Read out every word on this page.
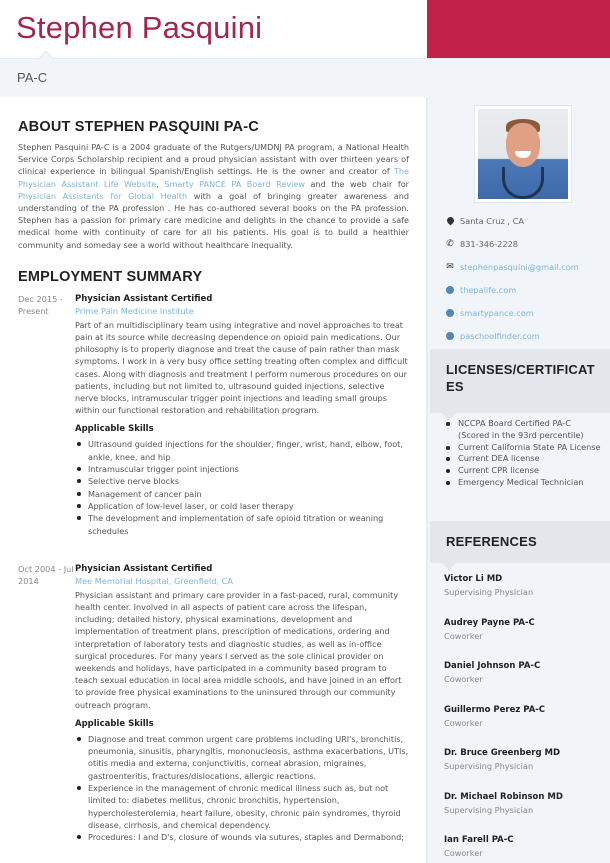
Stephen Pasquini
PA-C
ABOUT STEPHEN PASQUINI PA-C

Stephen Pasquini PA-C is a 2004 graduate of the Rutgers/UMDNJ PA program, a National Health Service Corps Scholarship recipient and a proud physician assistant with over thirteen years of clinical experience in bilingual Spanish/English settings. He is the owner and creator of The Physician Assistant Life Website, Smarty PANCE PA Board Review and the web chair for Physician Assistants for Global Health with a goal of bringing greater awareness and understanding of the PA profession . He has co-authored several books on the PA profession. Stephen has a passion for primary care medicine and delights in the chance to provide a safe medical home with continuity of care for all his patients. His goal is to build a healthier community and someday see a world without healthcare inequality.

EMPLOYMENT SUMMARY
Dec 2015 - Present
Physician Assistant Certified
Prime Pain Medicine Institute
Part of an multidisciplinary team using integrative and novel approaches to treat pain at its source while decreasing dependence on opioid pain medications. Our philosophy is to properly diagnose and treat the cause of pain rather than mask symptoms. I work in a very busy office setting treating often complex and difficult cases. Along with diagnosis and treatment I perform numerous procedures on our patients, including but not limited to, ultrasound guided injections, selective nerve blocks, intramuscular trigger point injections and leading small groups within our functional restoration and rehabilitation program.
Applicable Skills
Ultrasound guided injections for the shoulder, finger, wrist, hand, elbow, foot, ankle, knee, and hip
Intramuscular trigger point injections
Selective nerve blocks
Management of cancer pain
Application of low-level laser, or cold laser therapy
The development and implementation of safe opioid titration or weaning schedules
Oct 2004 - Jul 2014
Physician Assistant Certified
Mee Memorial Hospital, Greenfield, CA
Physician assistant and primary care provider in a fast-paced, rural, community health center. Involved in all aspects of patient care across the lifespan, including; detailed history, physical examinations, development and implementation of treatment plans, prescription of medications, ordering and interpretation of laboratory tests and diagnostic studies, as well as in-office surgical procedures. For many years I served as the sole clinical provider on weekends and holidays, have participated in a community based program to teach sexual education in local area middle schools, and have joined in an effort to provide free physical examinations to the uninsured through our community outreach program.
Applicable Skills
Diagnose and treat common urgent care problems including URI's, bronchitis, pneumonia, sinusitis, pharyngitis, mononucleosis, asthma exacerbations, UTIs, otitis media and externa, conjunctivitis, corneal abrasion, migraines, gastroenteritis, fractures/dislocations, allergic reactions.
Experience in the management of chronic medical illness such as, but not limited to: diabetes mellitus, chronic bronchitis, hypertension, hypercholesterolemia, heart failure, obesity, chronic pain syndromes, thyroid disease, cirrhosis, and chemical dependency.
Procedures: I and D's, closure of wounds via sutures, staples and Dermabond;
Santa Cruz , CA
✆ 831-346-2228
✉ stephenpasquini@gmail.com
thepalife.com
smartypance.com
paschoolfinder.com
LICENSES/CERTIFICAT
ES
NCCPA Board Certified PA-C (Scored in the 93rd percentile)
Current California State PA License
Current DEA license
Current CPR license
Emergency Medical Technician
REFERENCES
Victor Li MD
Supervising Physician
Audrey Payne PA-C
Coworker
Daniel Johnson PA-C
Coworker
Guillermo Perez PA-C
Coworker
Dr. Bruce Greenberg MD
Supervising Physician
Dr. Michael Robinson MD
Supervising Physician
Ian Farell PA-C
Coworker
